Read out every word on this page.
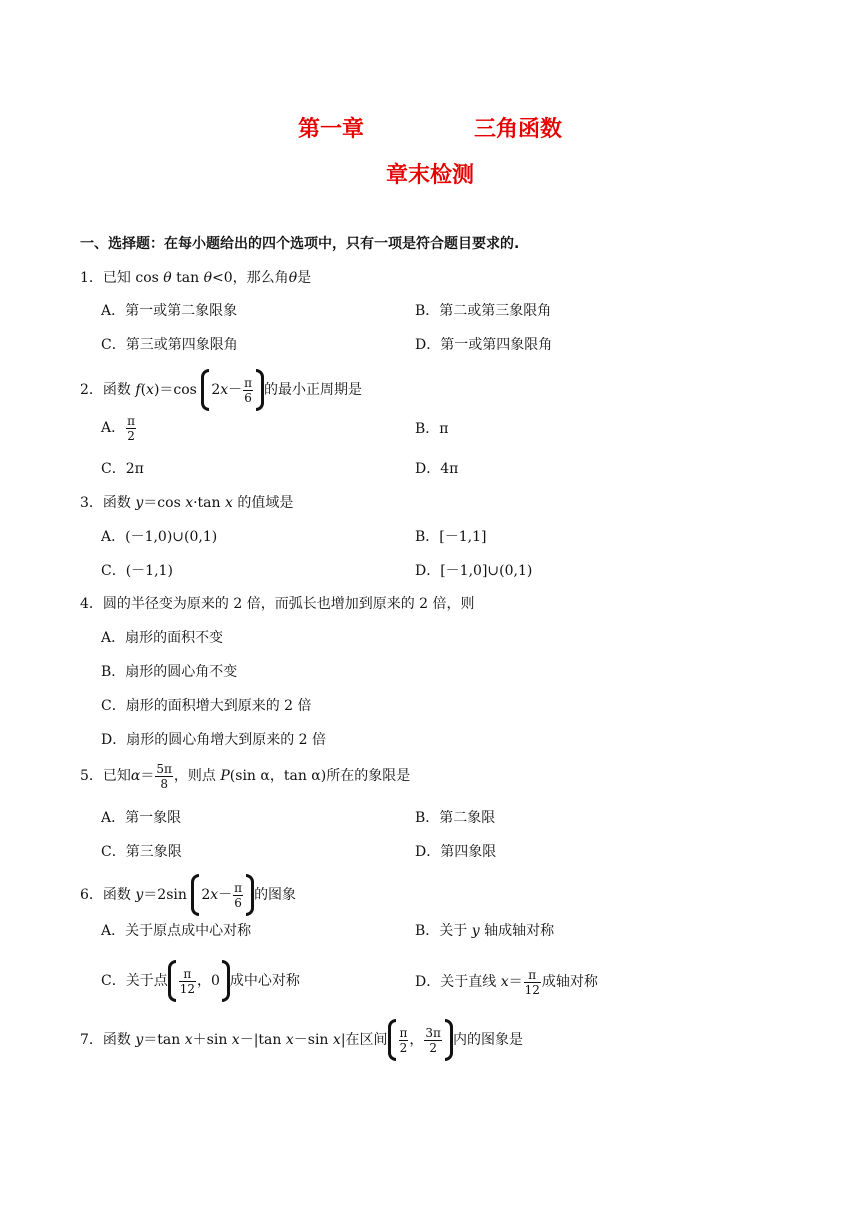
第一章	三角函数
章末检测
一、选择题：在每小题给出的四个选项中，只有一项是符合题目要求的.
1．已知 cos θ tan θ<0，那么角θ是
A．第一或第二象限象	B．第二或第三象限角
C．第三或第四象限角	D．第一或第四象限角
2．函数 f(x)＝cos 2 $x - \frac{\pi}{6}$ 的最小正周期是
A． $\frac{\pi}{2}$	B．π
C．2π	D．4π
3．函数 y＝cos x·tan x 的值域是
A．(－1,0)∪(0,1)	B．[－1,1]
C．(－1,1)	D．[－1,0]∪(0,1)
4．圆的半径变为原来的 2 倍，而弧长也增加到原来的 2 倍，则
A．扇形的面积不变
B．扇形的圆心角不变
C．扇形的面积增大到原来的 2 倍
D．扇形的圆心角增大到原来的 2 倍
5．已知$\alpha= \frac{5\pi}{8}$ ，则点 P(sin α，tan α)所在的象限是
A．第一象限	B．第二象限
C．第三象限	D．第四象限
6．函数 y＝2sin 2 $x - \frac{\pi}{6}$ 的图象
A．关于原点成中心对称	B．关于 y 轴成轴对称
C．关于点 $\frac{\pi}{12}$ ，0 成中心对称	D．关于直线 $x= \frac{\pi}{12}$ 成轴对称
7．函数 y＝tan x＋sin x－|tan x－sin x|在区间 $\frac{\pi}{2}$ ， $\frac{3\pi}{2}$ 内的图象是
